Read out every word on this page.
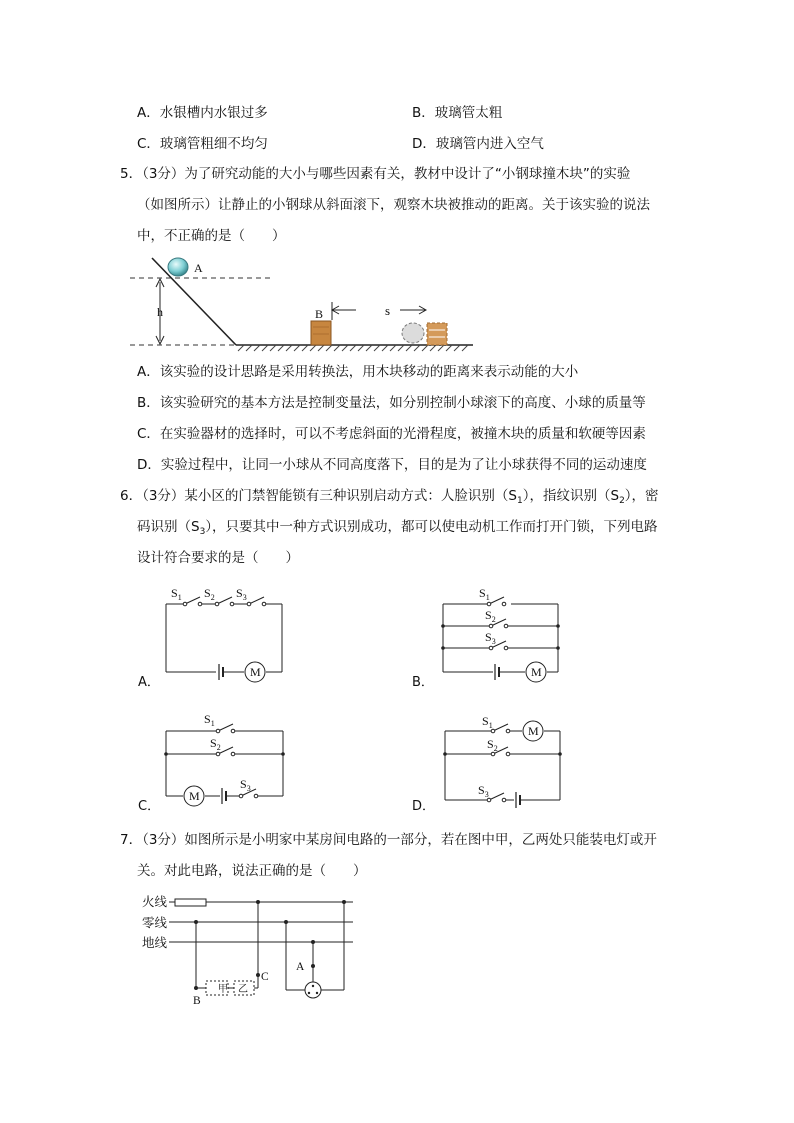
A．水银槽内水银过多	B．玻璃管太粗
C．玻璃管粗细不均匀	D．玻璃管内进入空气
5．（3分）为了研究动能的大小与哪些因素有关，教材中设计了“小钢球撞木块”的实验
（如图所示）让静止的小钢球从斜面滚下，观察木块被推动的距离。关于该实验的说法
中，不正确的是（　　）
h
A
B	s
A．该实验的设计思路是采用转换法，用木块移动的距离来表示动能的大小
B．该实验研究的基本方法是控制变量法，如分别控制小球滚下的高度、小球的质量等
C．在实验器材的选择时，可以不考虑斜面的光滑程度，被撞木块的质量和软硬等因素
D．实验过程中，让同一小球从不同高度落下，目的是为了让小球获得不同的运动速度
6．（3分）某小区的门禁智能锁有三种识别启动方式：人脸识别$(S_1)$，指纹识别$(S_2)$，密
码识别$(S_3)$，只要其中一种方式识别成功，都可以使电动机工作而打开门锁，下列电路
设计符合要求的是（　　）
$S_1$ $S_2$ $S_3$
M
A．
$S_1$
$S_2$
$S_3$
M
B．
$S_1$
$S_2$
$S_3$
M
C．
$S_1$
$S_2$
$S_3$
M
D．
7．（3分）如图所示是小明家中某房间电路的一部分，若在图中甲，乙两处只能装电灯或开
关。对此电路，说法正确的是（　　）
火线
零线
地线
甲 乙
A
B
C
